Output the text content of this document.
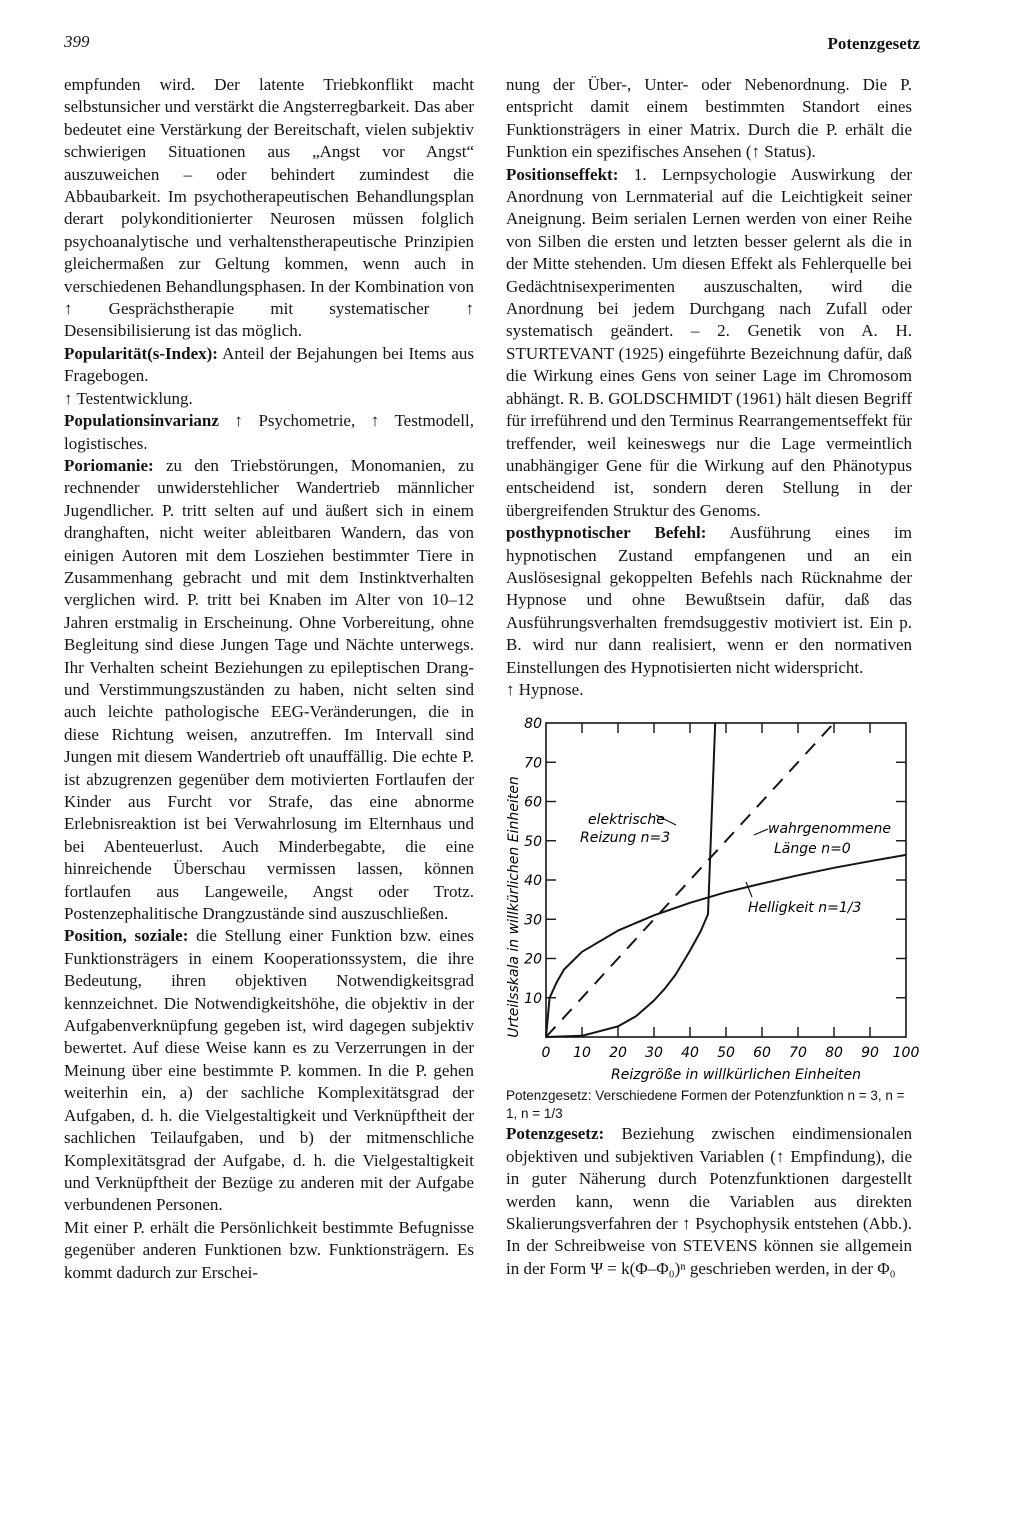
399	Potenzgesetz

empfunden wird. Der latente Triebkonflikt macht selbstunsicher und verstärkt die Angsterregbarkeit. Das aber bedeutet eine Verstärkung der Bereitschaft, vielen subjektiv schwierigen Situationen aus „Angst vor Angst“ auszuweichen – oder behindert zumindest die Abbaubarkeit. Im psychotherapeutischen Behandlungsplan derart polykonditionierter Neurosen müssen folglich psychoanalytische und verhaltenstherapeutische Prinzipien gleichermaßen zur Geltung kommen, wenn auch in verschiedenen Behandlungsphasen. In der Kombination von ↑ Gesprächstherapie mit systematischer ↑ Desensibilisierung ist das möglich.

Popularität(s-Index): Anteil der Bejahungen bei Items aus Fragebogen.

↑ Testentwicklung.

Populationsinvarianz ↑ Psychometrie, ↑ Testmodell, logistisches.

Poriomanie: zu den Triebstörungen, Monomanien, zu rechnender unwiderstehlicher Wandertrieb männlicher Jugendlicher. P. tritt selten auf und äußert sich in einem dranghaften, nicht weiter ableitbaren Wandern, das von einigen Autoren mit dem Losziehen bestimmter Tiere in Zusammenhang gebracht und mit dem Instinktverhalten verglichen wird. P. tritt bei Knaben im Alter von 10–12 Jahren erstmalig in Erscheinung. Ohne Vorbereitung, ohne Begleitung sind diese Jungen Tage und Nächte unterwegs. Ihr Verhalten scheint Beziehungen zu epileptischen Drang- und Verstimmungszuständen zu haben, nicht selten sind auch leichte pathologische EEG-Veränderungen, die in diese Richtung weisen, anzutreffen. Im Intervall sind Jungen mit diesem Wandertrieb oft unauffällig. Die echte P. ist abzugrenzen gegenüber dem motivierten Fortlaufen der Kinder aus Furcht vor Strafe, das eine abnorme Erlebnisreaktion ist bei Verwahrlosung im Elternhaus und bei Abenteuerlust. Auch Minderbegabte, die eine hinreichende Überschau vermissen lassen, können fortlaufen aus Langeweile, Angst oder Trotz. Postenzephalitische Drangzustände sind auszuschließen.

Position, soziale: die Stellung einer Funktion bzw. eines Funktionsträgers in einem Kooperationssystem, die ihre Bedeutung, ihren objektiven Notwendigkeitsgrad kennzeichnet. Die Notwendigkeitshöhe, die objektiv in der Aufgabenverknüpfung gegeben ist, wird dagegen subjektiv bewertet. Auf diese Weise kann es zu Verzerrungen in der Meinung über eine bestimmte P. kommen. In die P. gehen weiterhin ein, a) der sachliche Komplexitätsgrad der Aufgaben, d. h. die Vielgestaltigkeit und Verknüpftheit der sachlichen Teilaufgaben, und b) der mitmenschliche Komplexitätsgrad der Aufgabe, d. h. die Vielgestaltigkeit und Verknüpftheit der Bezüge zu anderen mit der Aufgabe verbundenen Personen.

Mit einer P. erhält die Persönlichkeit bestimmte Befugnisse gegenüber anderen Funktionen bzw. Funktionsträgern. Es kommt dadurch zur Erschei-

nung der Über-, Unter- oder Nebenordnung. Die P. entspricht damit einem bestimmten Standort eines Funktionsträgers in einer Matrix. Durch die P. erhält die Funktion ein spezifisches Ansehen (↑ Status).

Positionseffekt: 1. Lernpsychologie Auswirkung der Anordnung von Lernmaterial auf die Leichtigkeit seiner Aneignung. Beim serialen Lernen werden von einer Reihe von Silben die ersten und letzten besser gelernt als die in der Mitte stehenden. Um diesen Effekt als Fehlerquelle bei Gedächtnisexperimenten auszuschalten, wird die Anordnung bei jedem Durchgang nach Zufall oder systematisch geändert. – 2. Genetik von A. H. STURTEVANT (1925) eingeführte Bezeichnung dafür, daß die Wirkung eines Gens von seiner Lage im Chromosom abhängt. R. B. GOLDSCHMIDT (1961) hält diesen Begriff für irreführend und den Terminus Rearrangementseffekt für treffender, weil keineswegs nur die Lage vermeintlich unabhängiger Gene für die Wirkung auf den Phänotypus entscheidend ist, sondern deren Stellung in der übergreifenden Struktur des Genoms.

posthypnotischer Befehl: Ausführung eines im hypnotischen Zustand empfangenen und an ein Auslösesignal gekoppelten Befehls nach Rücknahme der Hypnose und ohne Bewußtsein dafür, daß das Ausführungsverhalten fremdsuggestiv motiviert ist. Ein p. B. wird nur dann realisiert, wenn er den normativen Einstellungen des Hypnotisierten nicht widerspricht.

↑ Hypnose.

0 10 20 30 40 50 60 70 80 90 100
10
20
30
40
50
60
70
80
elektrische
Reizung n=3
wahrgenommene
Länge n=0
Helligkeit n=1/3
Reizgröße in willkürlichen Einheiten
Urteilsskala in willkürlichen Einheiten

Potenzgesetz: Verschiedene Formen der Potenzfunktion n = 3, n = 1, n = 1/3

Potenzgesetz: Beziehung zwischen eindimensionalen objektiven und subjektiven Variablen (↑ Empfindung), die in guter Näherung durch Potenzfunktionen dargestellt werden kann, wenn die Variablen aus direkten Skalierungsverfahren der ↑ Psychophysik entstehen (Abb.). In der Schreibweise von STEVENS können sie allgemein in der Form Ψ = k(Φ–Φ₀)ⁿ geschrieben werden, in der Φ₀
